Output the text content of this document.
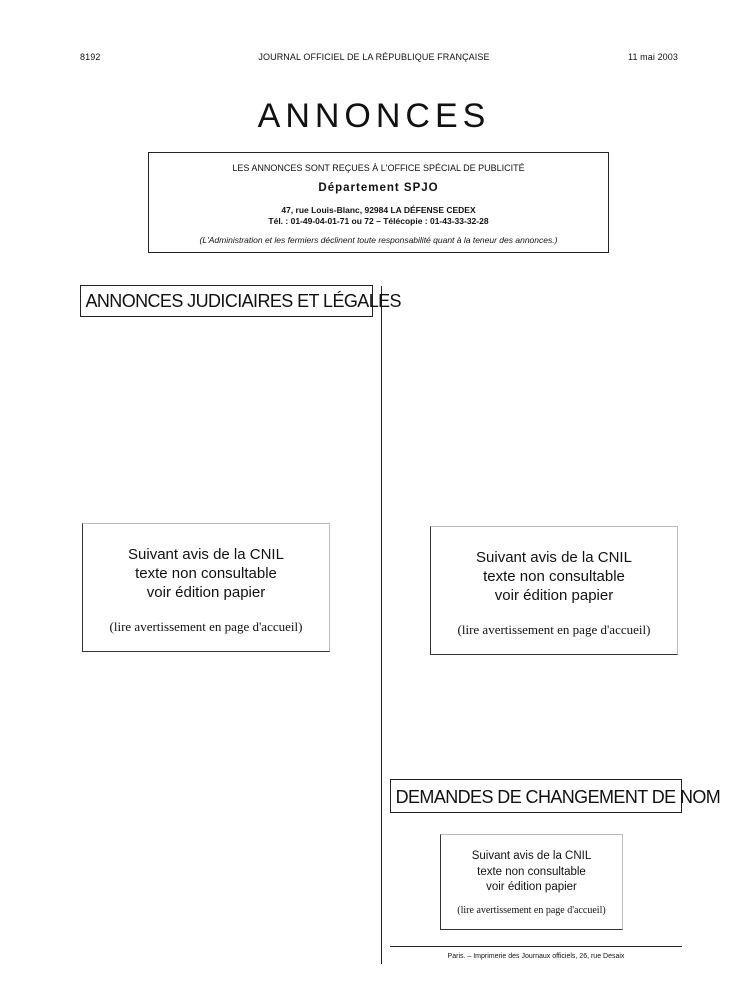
8192	JOURNAL OFFICIEL DE LA RÉPUBLIQUE FRANÇAISE	11 mai 2003
ANNONCES
LES ANNONCES SONT REÇUES À L'OFFICE SPÉCIAL DE PUBLICITÉ
Département SPJO
47, rue Louis-Blanc, 92984 LA DÉFENSE CEDEX
Tél. : 01-49-04-01-71 ou 72 – Télécopie : 01-43-33-32-28
(L'Administration et les fermiers déclinent toute responsabilité quant à la teneur des annonces.)
ANNONCES JUDICIAIRES ET LÉGALES
Suivant avis de la CNIL
texte non consultable
voir édition papier
(lire avertissement en page d'accueil)
Suivant avis de la CNIL
texte non consultable
voir édition papier
(lire avertissement en page d'accueil)
DEMANDES DE CHANGEMENT DE NOM
Suivant avis de la CNIL
texte non consultable
voir édition papier
(lire avertissement en page d'accueil)
Paris. – Imprimerie des Journaux officiels, 26, rue Desaix
